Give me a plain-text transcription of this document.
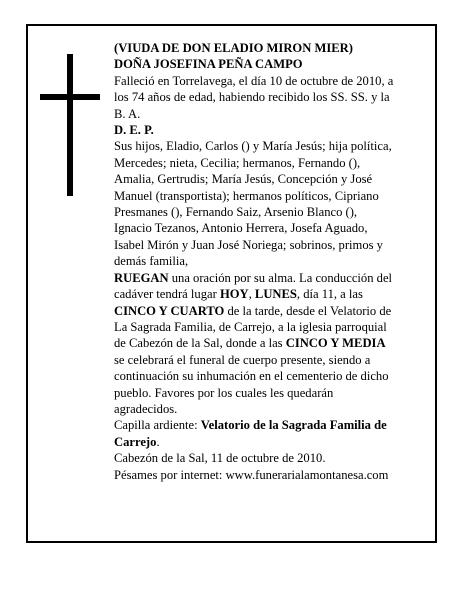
(VIUDA DE DON ELADIO MIRON MIER)
DOÑA JOSEFINA PEÑA CAMPO
Falleció en Torrelavega, el día 10 de octubre de 2010, a
los 74 años de edad, habiendo recibido los SS. SS. y la
B. A.
D. E. P.
Sus hijos, Eladio, Carlos () y María Jesús; hija política,
Mercedes; nieta, Cecilia; hermanos, Fernando (),
Amalia, Gertrudis; María Jesús, Concepción y José
Manuel (transportista); hermanos políticos, Cipriano
Presmanes (), Fernando Saiz, Arsenio Blanco (),
Ignacio Tezanos, Antonio Herrera, Josefa Aguado,
Isabel Mirón y Juan José Noriega; sobrinos, primos y
demás familia,
RUEGAN una oración por su alma. La conducción del
cadáver tendrá lugar HOY, LUNES, día 11, a las
CINCO Y CUARTO de la tarde, desde el Velatorio de
La Sagrada Familia, de Carrejo, a la iglesia parroquial
de Cabezón de la Sal, donde a las CINCO Y MEDIA
se celebrará el funeral de cuerpo presente, siendo a
continuación su inhumación en el cementerio de dicho
pueblo. Favores por los cuales les quedarán
agradecidos.
Capilla ardiente: Velatorio de la Sagrada Familia de
Carrejo.
Cabezón de la Sal, 11 de octubre de 2010.
Pésames por internet: www.funerarialamontanesa.com
